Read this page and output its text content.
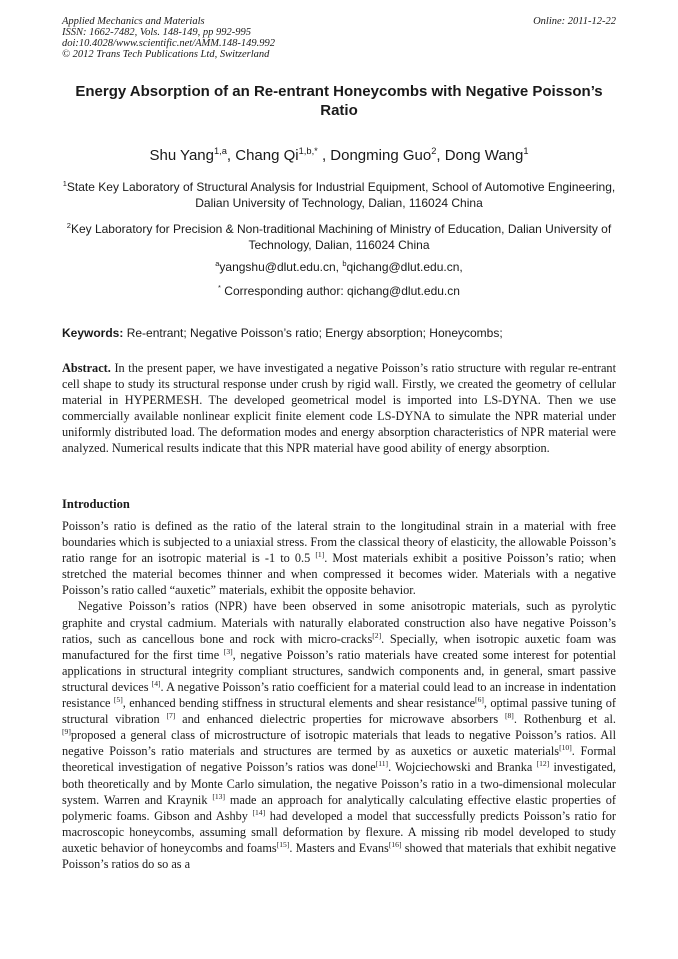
Applied Mechanics and Materials
ISSN: 1662-7482, Vols. 148-149, pp 992-995
doi:10.4028/www.scientific.net/AMM.148-149.992
© 2012 Trans Tech Publications Ltd, Switzerland
Online: 2011-12-22
Energy Absorption of an Re-entrant Honeycombs with Negative Poisson’s Ratio
Shu Yang$^{1,a}$, Chang $Qi^{1,b,*}$ , Dongming Guo$^2$, Dong Wang$^1$
$^1$State Key Laboratory of Structural Analysis for Industrial Equipment, School of Automotive Engineering, Dalian University of Technology, Dalian, 116024 China
$^2$Key Laboratory for Precision & Non-traditional Machining of Ministry of Education, Dalian University of Technology, Dalian, 116024 China
$^a$yangshu@dlut.edu.cn, $^b$qichang@dlut.edu.cn,
* Corresponding author: qichang@dlut.edu.cn
Keywords: Re-entrant; Negative Poisson’s ratio; Energy absorption; Honeycombs;
Abstract. In the present paper, we have investigated a negative Poisson’s ratio structure with regular re-entrant cell shape to study its structural response under crush by rigid wall. Firstly, we created the geometry of cellular material in HYPERMESH. The developed geometrical model is imported into LS-DYNA. Then we use commercially available nonlinear explicit finite element code LS-DYNA to simulate the NPR material under uniformly distributed load. The deformation modes and energy absorption characteristics of NPR material were analyzed. Numerical results indicate that this NPR material have good ability of energy absorption.
Introduction

Poisson’s ratio is defined as the ratio of the lateral strain to the longitudinal strain in a material with free boundaries which is subjected to a uniaxial stress. From the classical theory of elasticity, the allowable Poisson’s ratio range for an isotropic material is -1 to 0.5 [1]. Most materials exhibit a positive Poisson’s ratio; when stretched the material becomes thinner and when compressed it becomes wider. Materials with a negative Poisson’s ratio called “auxetic” materials, exhibit the opposite behavior.

Negative Poisson’s ratios (NPR) have been observed in some anisotropic materials, such as pyrolytic graphite and crystal cadmium. Materials with naturally elaborated construction also have negative Poisson’s ratios, such as cancellous bone and rock with micro-cracks[2]. Specially, when isotropic auxetic foam was manufactured for the first time [3], negative Poisson’s ratio materials have created some interest for potential applications in structural integrity compliant structures, sandwich components and, in general, smart passive structural devices [4]. A negative Poisson’s ratio coefficient for a material could lead to an increase in indentation resistance [5], enhanced bending stiffness in structural elements and shear resistance[6], optimal passive tuning of structural vibration [7] and enhanced dielectric properties for microwave absorbers [8]. Rothenburg et al. [9]proposed a general class of microstructure of isotropic materials that leads to negative Poisson’s ratios. All negative Poisson’s ratio materials and structures are termed by as auxetics or auxetic materials[10]. Formal theoretical investigation of negative Poisson’s ratios was done[11]. Wojciechowski and Branka [12] investigated, both theoretically and by Monte Carlo simulation, the negative Poisson’s ratio in a two-dimensional molecular system. Warren and Kraynik [13] made an approach for analytically calculating effective elastic properties of polymeric foams. Gibson and Ashby [14] had developed a model that successfully predicts Poisson’s ratio for macroscopic honeycombs, assuming small deformation by flexure. A missing rib model developed to study auxetic behavior of honeycombs and foams[15]. Masters and Evans[16] showed that materials that exhibit negative Poisson’s ratios do so as a
